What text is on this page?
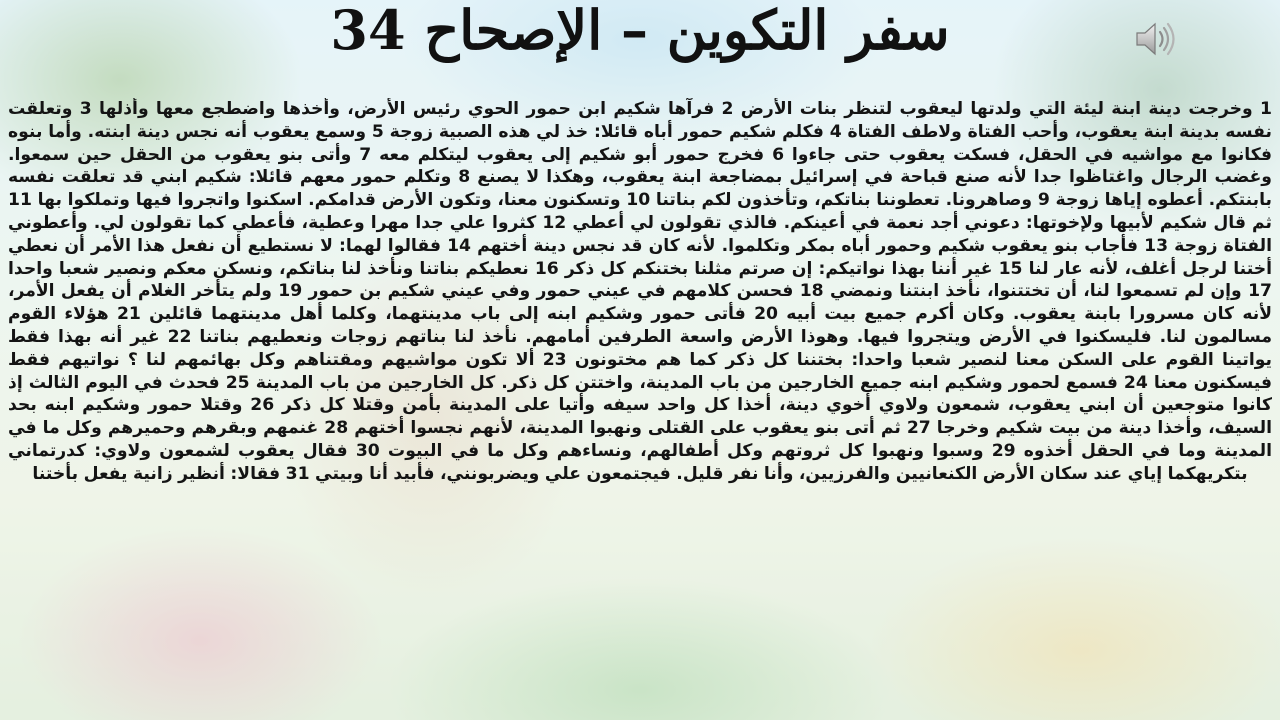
سفر التكوين – الإصحاح 34
1 وخرجت دينة ابنة ليئة التي ولدتها ليعقوب لتنظر بنات الأرض 2 فرآها شكيم ابن حمور الحوي رئيس الأرض، وأخذها واضطجع معها وأذلها 3 وتعلقت نفسه بدينة ابنة يعقوب، وأحب الفتاة ولاطف الفتاة 4 فكلم شكيم حمور أباه قائلا: خذ لي هذه الصبية زوجة 5 وسمع يعقوب أنه نجس دينة ابنته. وأما بنوه فكانوا مع مواشيه في الحقل، فسكت يعقوب حتى جاءوا 6 فخرج حمور أبو شكيم إلى يعقوب ليتكلم معه 7 وأتى بنو يعقوب من الحقل حين سمعوا. وغضب الرجال واغتاظوا جدا لأنه صنع قباحة في إسرائيل بمضاجعة ابنة يعقوب، وهكذا لا يصنع 8 وتكلم حمور معهم قائلا: شكيم ابني قد تعلقت نفسه بابنتكم. أعطوه إياها زوجة 9 وصاهرونا. تعطوننا بناتكم، وتأخذون لكم بناتنا 10 وتسكنون معنا، وتكون الأرض قدامكم. اسكنوا واتجروا فيها وتملكوا بها 11 ثم قال شكيم لأبيها ولإخوتها: دعوني أجد نعمة في أعينكم. فالذي تقولون لي أعطي 12 كثروا علي جدا مهرا وعطية، فأعطي كما تقولون لي. وأعطوني الفتاة زوجة 13 فأجاب بنو يعقوب شكيم وحمور أباه بمكر وتكلموا. لأنه كان قد نجس دينة أختهم 14 فقالوا لهما: لا نستطيع أن نفعل هذا الأمر أن نعطي أختنا لرجل أغلف، لأنه عار لنا 15 غير أننا بهذا نواتيكم: إن صرتم مثلنا بختنكم كل ذكر 16 نعطيكم بناتنا ونأخذ لنا بناتكم، ونسكن معكم ونصير شعبا واحدا 17 وإن لم تسمعوا لنا، أن تختتنوا، نأخذ ابنتنا ونمضي 18 فحسن كلامهم في عيني حمور وفي عيني شكيم بن حمور 19 ولم يتأخر الغلام أن يفعل الأمر، لأنه كان مسرورا بابنة يعقوب. وكان أكرم جميع بيت أبيه 20 فأتى حمور وشكيم ابنه إلى باب مدينتهما، وكلما أهل مدينتهما قائلين 21 هؤلاء القوم مسالمون لنا. فليسكنوا في الأرض ويتجروا فيها. وهوذا الأرض واسعة الطرفين أمامهم. نأخذ لنا بناتهم زوجات ونعطيهم بناتنا 22 غير أنه بهذا فقط يواتينا القوم على السكن معنا لنصير شعبا واحدا: بختننا كل ذكر كما هم مختونون 23 ألا تكون مواشيهم ومقتناهم وكل بهائمهم لنا ؟ نواتيهم فقط فيسكنون معنا 24 فسمع لحمور وشكيم ابنه جميع الخارجين من باب المدينة، واختتن كل ذكر. كل الخارجين من باب المدينة 25 فحدث في اليوم الثالث إذ كانوا متوجعين أن ابني يعقوب، شمعون ولاوي أخوي دينة، أخذا كل واحد سيفه وأتيا على المدينة بأمن وقتلا كل ذكر 26 وقتلا حمور وشكيم ابنه بحد السيف، وأخذا دينة من بيت شكيم وخرجا 27 ثم أتى بنو يعقوب على القتلى ونهبوا المدينة، لأنهم نجسوا أختهم 28 غنمهم وبقرهم وحميرهم وكل ما في المدينة وما في الحقل أخذوه 29 وسبوا ونهبوا كل ثروتهم وكل أطفالهم، ونساءهم وكل ما في البيوت 30 فقال يعقوب لشمعون ولاوي: كدرتماني بتكريهكما إياي عند سكان الأرض الكنعانيين والفرزيين، وأنا نفر قليل. فيجتمعون علي ويضربونني، فأبيد أنا وبيتي 31 فقالا: أنظير زانية يفعل بأختنا
